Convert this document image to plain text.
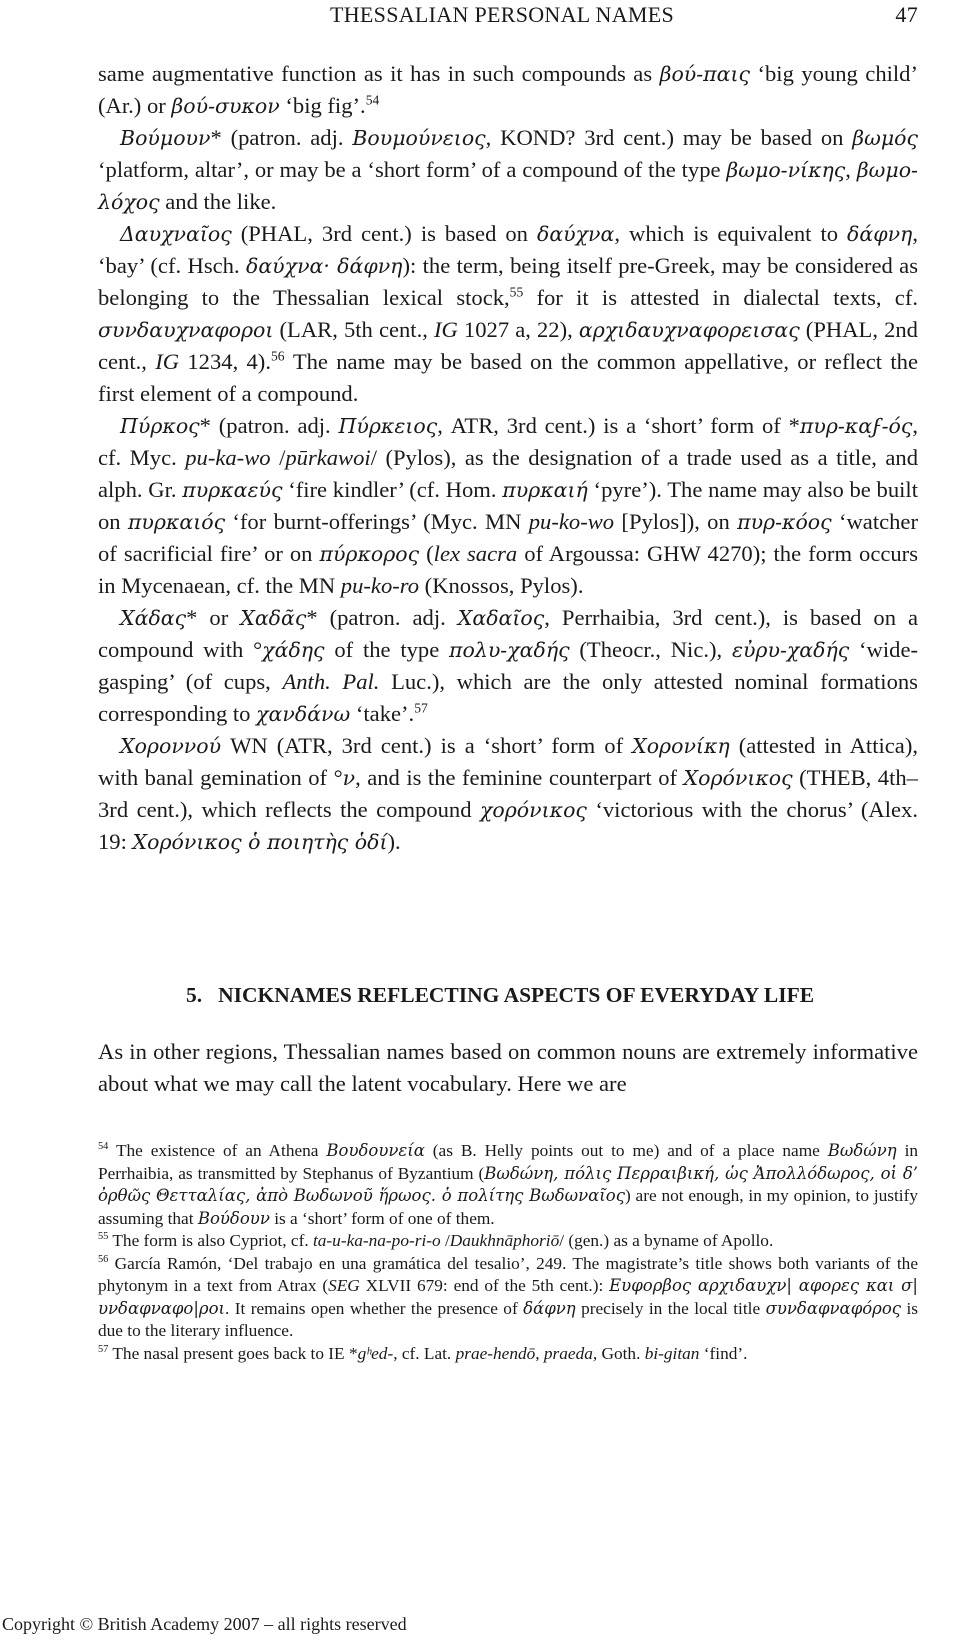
THESSALIAN PERSONAL NAMES	47

same augmentative function as it has in such compounds as βού-παις ‘big young child’ (Ar.) or βού-συκον ‘big fig’.$^{54}$

Βούμουν* (patron. adj. Βουμούνειος, KOND? 3rd cent.) may be based on βωμός ‘platform, altar’, or may be a ‘short form’ of a compound of the type βωμο-νίκης, βωμο-λόχος and the like.

Δαυχναῖος (PHAL, 3rd cent.) is based on δαύχνα, which is equivalent to δάφνη, ‘bay’ (cf. Hsch. δαύχνα· δάφνη): the term, being itself pre-Greek, may be considered as belonging to the Thessalian lexical stock,$^{55}$ for it is attested in dialectal texts, cf. συνδαυχναφοροι (LAR, 5th cent., IG 1027 a, 22), αρχιδαυχναφορεισας (PHAL, 2nd cent., IG 1234, 4).$^{56}$ The name may be based on the common appellative, or reflect the first element of a compound.

Πύρκος* (patron. adj. Πύρκειος, ATR, 3rd cent.) is a ‘short’ form of *πυρ-καϝ-ός, cf. Myc. pu-ka-wo /pūrkawoi/ (Pylos), as the designation of a trade used as a title, and alph. Gr. πυρκαεύς ‘fire kindler’ (cf. Hom. πυρκαιή ‘pyre’). The name may also be built on πυρκαιός ‘for burnt-offerings’ (Myc. MN pu-ko-wo [Pylos]), on πυρ-κόος ‘watcher of sacrificial fire’ or on πύρκορος (lex sacra of Argoussa: GHW 4270); the form occurs in Mycenaean, cf. the MN pu-ko-ro (Knossos, Pylos).

Χάδας* or Χαδᾶς* (patron. adj. Χαδαῖος, Perrhaibia, 3rd cent.), is based on a compound with °χάδης of the type πολυ-χαδής (Theocr., Nic.), εὐρυ-χαδής ‘wide-gasping’ (of cups, Anth. Pal. Luc.), which are the only attested nominal formations corresponding to χανδάνω ‘take’.$^{57}$

Χοροννού WN (ATR, 3rd cent.) is a ‘short’ form of Χορονίκη (attested in Attica), with banal gemination of °ν, and is the feminine counterpart of Χορόνικος (THEB, 4th–3rd cent.), which reflects the compound χορόνικος ‘victorious with the chorus’ (Alex. 19: Χορόνικος ὁ ποιητὴς ὁδί).

5. NICKNAMES REFLECTING ASPECTS OF EVERYDAY LIFE

As in other regions, Thessalian names based on common nouns are extremely informative about what we may call the latent vocabulary. Here we are

$^{54}$ The existence of an Athena Βουδουνεία (as B. Helly points out to me) and of a place name Βωδώνη in Perrhaibia, as transmitted by Stephanus of Byzantium (Βωδώνη, πόλις Περραιβική, ὡς Ἀπολλόδωρος, οἱ δ’ ὀρθῶς Θετταλίας, ἀπὸ Βωδωνοῦ ἥρωος. ὁ πολίτης Βωδωναῖος) are not enough, in my opinion, to justify assuming that Βούδουν is a ‘short’ form of one of them.

$^{55}$ The form is also Cypriot, cf. ta-u-ka-na-po-ri-o /Daukhnāphoriō/ (gen.) as a byname of Apollo.

$^{56}$ García Ramón, ‘Del trabajo en una gramática del tesalio’, 249. The magistrate’s title shows both variants of the phytonym in a text from Atrax (SEG XLVII 679: end of the 5th cent.): Ευφορβος αρχιδαυχν| αφορες και σ|υνδαφναφο|ροι. It remains open whether the presence of δάφνη precisely in the local title συνδαφναφόρος is due to the literary influence.

$^{57}$ The nasal present goes back to IE *gʰed-, cf. Lat. prae-hendō, praeda, Goth. bi-gitan ‘find’.

Copyright © British Academy 2007 – all rights reserved
